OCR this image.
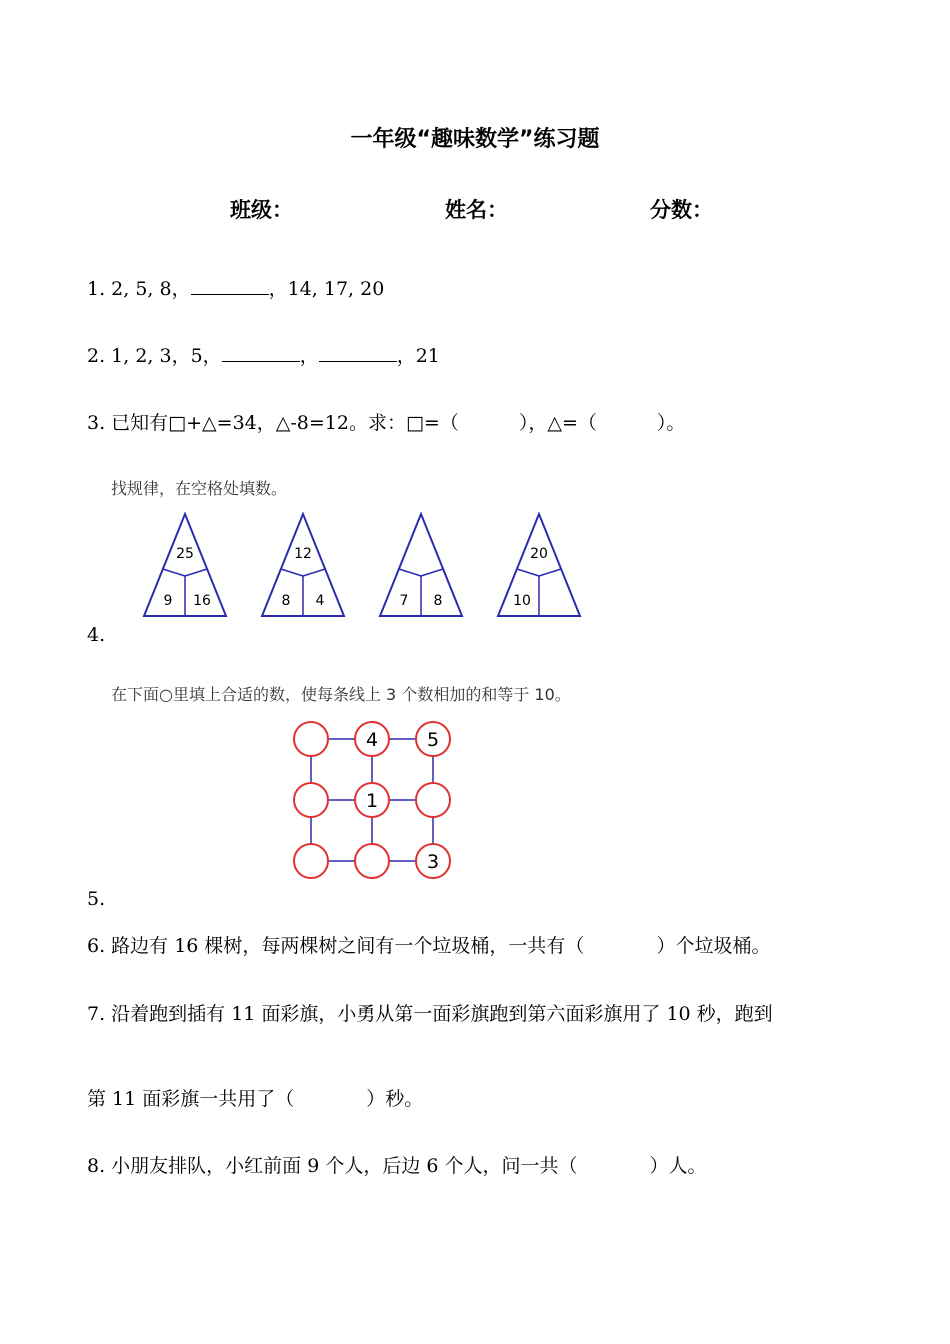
一年级“趣味数学”练习题
班级：	姓名：	分数：
1. 2, 5, 8，	，14, 17, 20
2. 1, 2, 3，5，	，	，21
3. 已知有□+△=34，△-8=12。求：□=（	），△=（	）。
找规律，在空格处填数。
25
9 16
12
8 4	7 8
20
10
4.
在下面○里填上合适的数，使每条线上 3 个数相加的和等于 10。
4	5
1
3
5.
6. 路边有 16 棵树，每两棵树之间有一个垃圾桶，一共有（	）个垃圾桶。
7. 沿着跑到插有 11 面彩旗，小勇从第一面彩旗跑到第六面彩旗用了 10 秒，跑到
第 11 面彩旗一共用了（	）秒。
8. 小朋友排队，小红前面 9 个人，后边 6 个人，问一共（	）人。
